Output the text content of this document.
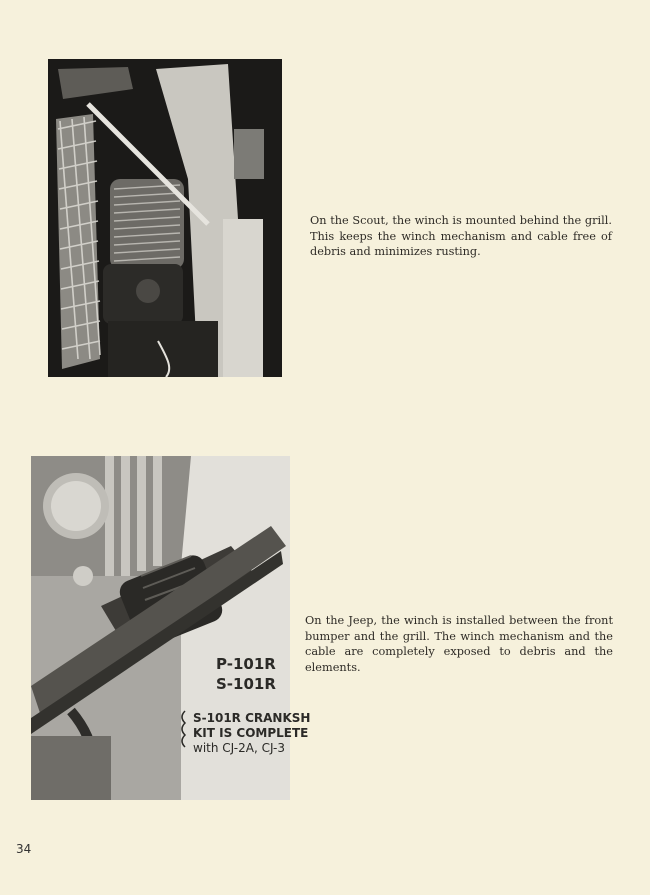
On the Scout, the winch is mounted behind the grill. This keeps the winch mechanism and cable free of debris and minimizes rusting.

P-101R
S-101R
S-101R CRANKSH
KIT IS COMPLETE
with CJ-2A, CJ-3

On the Jeep, the winch is installed between the front bumper and the grill. The winch mechanism and the cable are completely exposed to debris and the elements.

34
